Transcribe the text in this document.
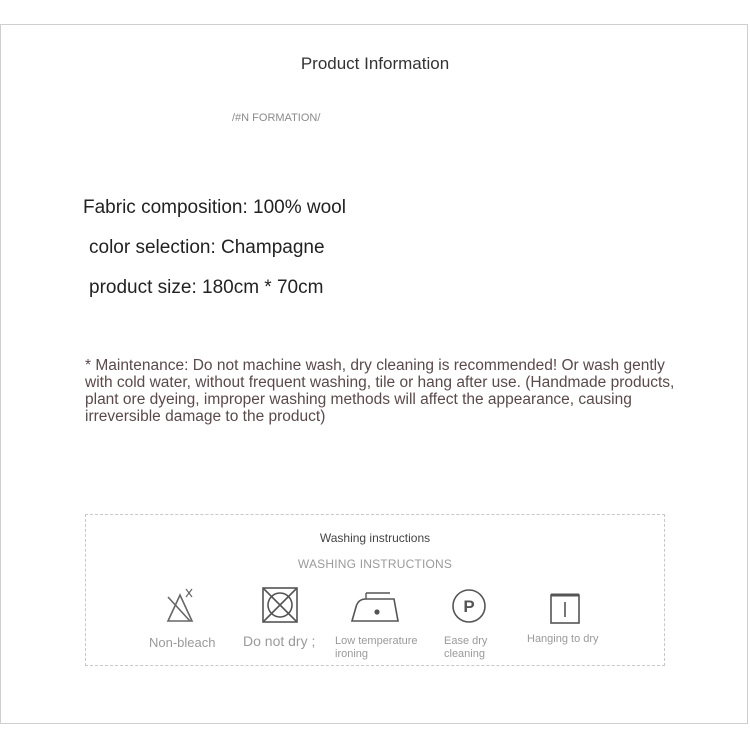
Product Information
/#N FORMATION/
Fabric composition: 100% wool
color selection: Champagne
product size: 180cm * 70cm
* Maintenance: Do not machine wash, dry cleaning is recommended! Or wash gently with cold water, without frequent washing, tile or hang after use. (Handmade products, plant ore dyeing, improper washing methods will affect the appearance, causing irreversible damage to the product)
Washing instructions
WASHING INSTRUCTIONS
Non-bleach Do not dry ; Low temperature
ironing
P
Ease dry
cleaning
Hanging to dry
